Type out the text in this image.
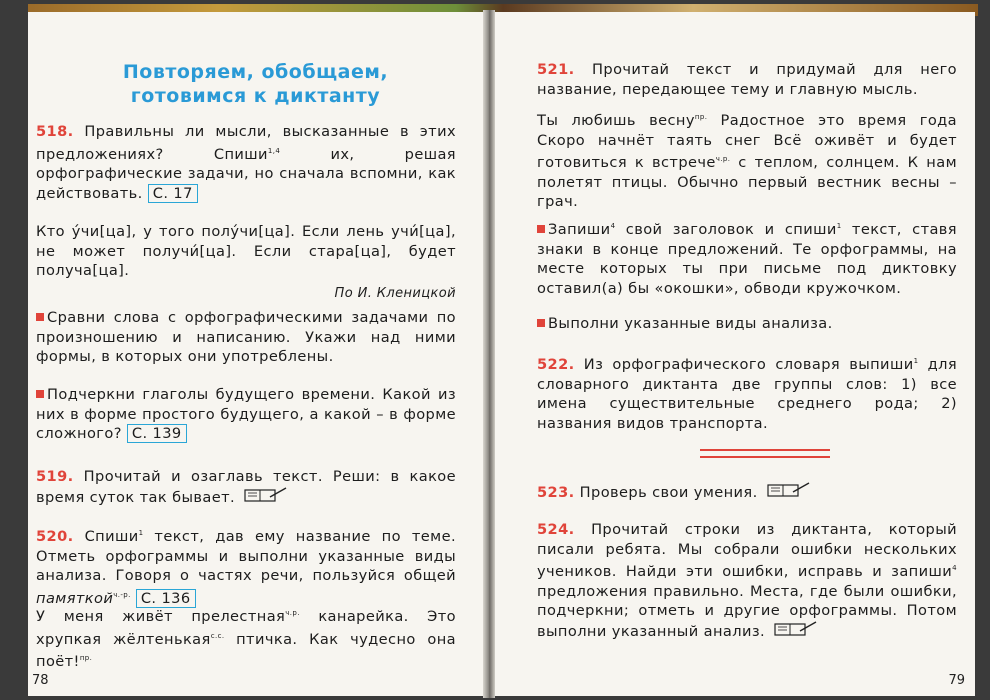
Повторяем, обобщаем,
готовимся к диктанту
518. Правильны ли мысли, высказанные в этих предложениях? Спиши$^{1,4}$ их, решая орфографические задачи, но сначала вспомни, как действовать. С. 17
Кто у́чи[ца], у того полу́чи[ца]. Если лень учи́[ца], не может получи́[ца]. Если стара[ца], будет получа[ца].
По И. Кленицкой
Сравни слова с орфографическими задачами по произношению и написанию. Укажи над ними формы, в которых они употреблены.
Подчеркни глаголы будущего времени. Какой из них в форме простого будущего, а какой – в форме сложного? С. 139
519. Прочитай и озаглавь текст. Реши: в какое время суток так бывает.
520. Спиши$^1$ текст, дав ему название по теме. Отметь орфограммы и выполни указанные виды анализа. Говоря о частях речи, пользуйся общей памяткой$^{ч.-р.}$ С. 136
У меня живёт прелестная$^{ч.р.}$ канарейка. Это хрупкая жёлтенькая$^{с.с.}$ птичка. Как чудесно она поёт!$^{пр.}$
78
521. Прочитай текст и придумай для него название, передающее тему и главную мысль.
Ты любишь весну$^{пр.}$ Радостное это время года Скоро начнёт таять снег Всё оживёт и будет готовиться к встрече$^{ч.р.}$ с теплом, солнцем. К нам полетят птицы. Обычно первый вестник весны – грач.
Запиши$^4$ свой заголовок и спиши$^1$ текст, ставя знаки в конце предложений. Те орфограммы, на месте которых ты при письме под диктовку оставил(а) бы «окошки», обводи кружочком.
Выполни указанные виды анализа.
522. Из орфографического словаря выпиши$^1$ для словарного диктанта две группы слов: 1) все имена существительные среднего рода; 2) названия видов транспорта.
523. Проверь свои умения.
524. Прочитай строки из диктанта, который писали ребята. Мы собрали ошибки нескольких учеников. Найди эти ошибки, исправь и запиши$^4$ предложения правильно. Места, где были ошибки, подчеркни; отметь и другие орфограммы. Потом выполни указанный анализ.
79
